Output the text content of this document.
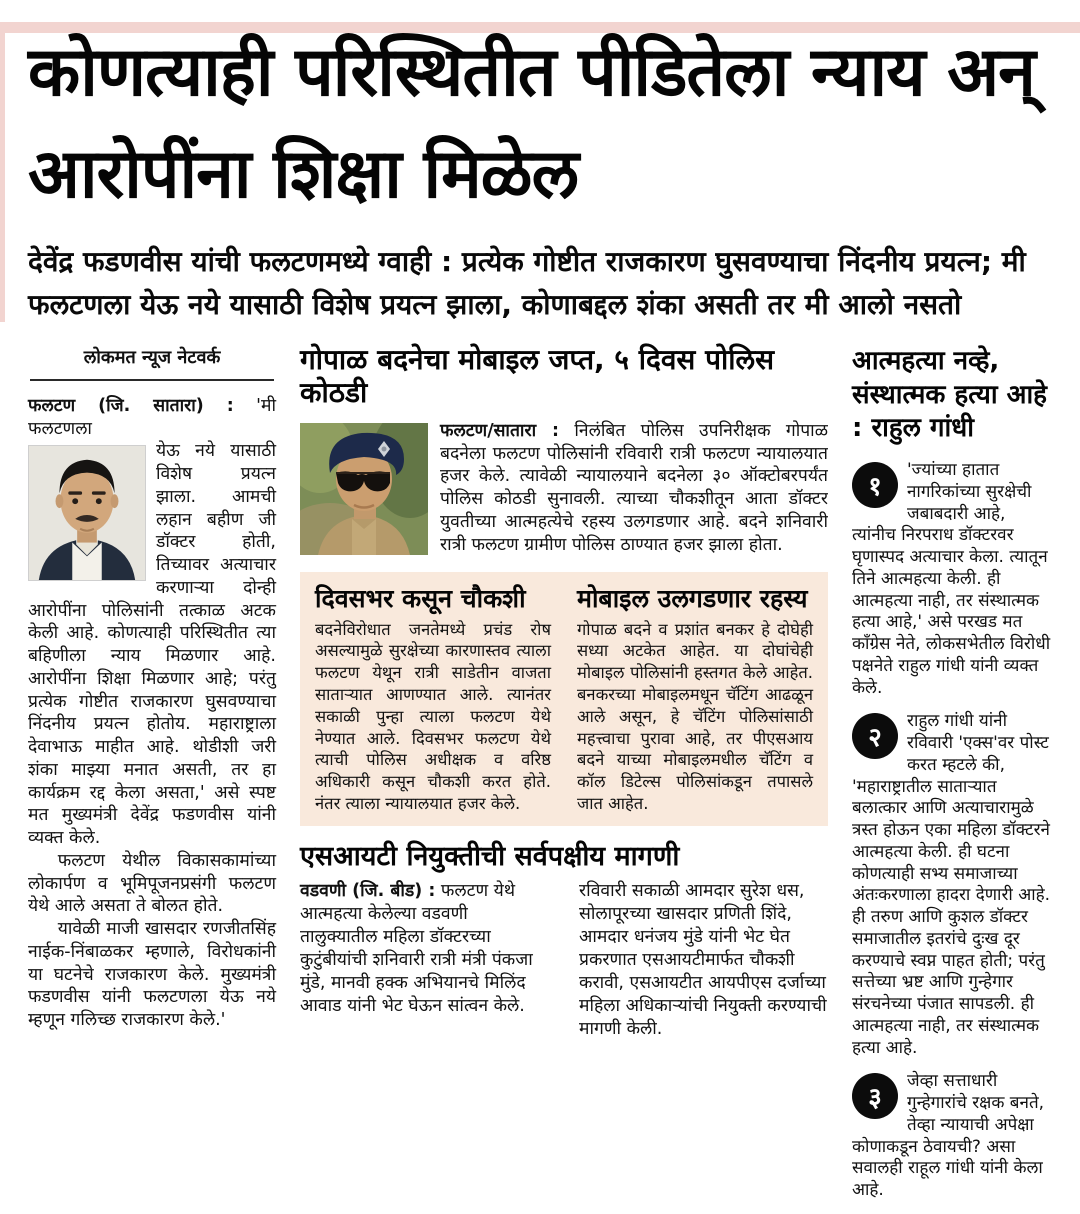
कोणत्याही परिस्थितीत पीडितेला न्याय अन् आरोपींना शिक्षा मिळेल
देवेंद्र फडणवीस यांची फलटणमध्ये ग्वाही : प्रत्येक गोष्टीत राजकारण घुसवण्याचा निंदनीय प्रयत्न; मी फलटणला येऊ नये यासाठी विशेष प्रयत्न झाला, कोणाबद्दल शंका असती तर मी आलो नसतो
लोकमत न्यूज नेटवर्क

फलटण (जि. सातारा) : 'मी फलटणला

येऊ नये यासाठी विशेष प्रयत्न झाला. आमची लहान बहीण जी डॉक्टर होती, तिच्यावर अत्याचार करणाऱ्या दोन्ही आरोपींना पोलिसांनी तत्काळ अटक केली आहे. कोणत्याही परिस्थितीत त्या बहिणीला न्याय मिळणार आहे. आरोपींना शिक्षा मिळणार आहे; परंतु प्रत्येक गोष्टीत राजकारण घुसवण्याचा निंदनीय प्रयत्न होतोय. महाराष्ट्राला देवाभाऊ माहीत आहे. थोडीशी जरी शंका माझ्या मनात असती, तर हा कार्यक्रम रद्द केला असता,' असे स्पष्ट मत मुख्यमंत्री देवेंद्र फडणवीस यांनी व्यक्त केले.

फलटण येथील विकासकामांच्या लोकार्पण व भूमिपूजनप्रसंगी फलटण येथे आले असता ते बोलत होते.

यावेळी माजी खासदार रणजीतसिंह नाईक-निंबाळकर म्हणाले, विरोधकांनी या घटनेचे राजकारण केले. मुख्यमंत्री फडणवीस यांनी फलटणला येऊ नये म्हणून गलिच्छ राजकारण केले.'

गोपाळ बदनेचा मोबाइल जप्त, ५ दिवस पोलिस कोठडी

फलटण/सातारा : निलंबित पोलिस उपनिरीक्षक गोपाळ बदनेला फलटण पोलिसांनी रविवारी रात्री फलटण न्यायालयात हजर केले. त्यावेळी न्यायालयाने बदनेला ३० ऑक्टोबरपर्यंत पोलिस कोठडी सुनावली. त्याच्या चौकशीतून आता डॉक्टर युवतीच्या आत्महत्येचे रहस्य उलगडणार आहे. बदने शनिवारी रात्री फलटण ग्रामीण पोलिस ठाण्यात हजर झाला होता.

दिवसभर कसून चौकशी

बदनेविरोधात जनतेमध्ये प्रचंड रोष असल्यामुळे सुरक्षेच्या कारणास्तव त्याला फलटण येथून रात्री साडेतीन वाजता साताऱ्यात आणण्यात आले. त्यानंतर सकाळी पुन्हा त्याला फलटण येथे नेण्यात आले. दिवसभर फलटण येथे त्याची पोलिस अधीक्षक व वरिष्ठ अधिकारी कसून चौकशी करत होते. नंतर त्याला न्यायालयात हजर केले.

मोबाइल उलगडणार रहस्य

गोपाळ बदने व प्रशांत बनकर हे दोघेही सध्या अटकेत आहेत. या दोघांचेही मोबाइल पोलिसांनी हस्तगत केले आहेत. बनकरच्या मोबाइलमधून चॅटिंग आढळून आले असून, हे चॅटिंग पोलिसांसाठी महत्त्वाचा पुरावा आहे, तर पीएसआय बदने याच्या मोबाइलमधील चॅटिंग व कॉल डिटेल्स पोलिसांकडून तपासले जात आहेत.

एसआयटी नियुक्तीची सर्वपक्षीय मागणी

वडवणी (जि. बीड) : फलटण येथे आत्महत्या केलेल्या वडवणी तालुक्यातील महिला डॉक्टरच्या कुटुंबीयांची शनिवारी रात्री मंत्री पंकजा मुंडे, मानवी हक्क अभियानचे मिलिंद आवाड यांनी भेट घेऊन सांत्वन केले.

रविवारी सकाळी आमदार सुरेश धस, सोलापूरच्या खासदार प्रणिती शिंदे, आमदार धनंजय मुंडे यांनी भेट घेत प्रकरणात एसआयटीमार्फत चौकशी करावी, एसआयटीत आयपीएस दर्जाच्या महिला अधिकाऱ्यांची नियुक्ती करण्याची मागणी केली.

आत्महत्या नव्हे, संस्थात्मक हत्या आहे : राहुल गांधी
१

'ज्यांच्या हातात नागरिकांच्या सुरक्षेची जबाबदारी आहे, त्यांनीच निरपराध डॉक्टरवर घृणास्पद अत्याचार केला. त्यातून तिने आत्महत्या केली. ही आत्महत्या नाही, तर संस्थात्मक हत्या आहे,' असे परखड मत काँग्रेस नेते, लोकसभेतील विरोधी पक्षनेते राहुल गांधी यांनी व्यक्त केले.

२

राहुल गांधी यांनी रविवारी 'एक्स'वर पोस्ट करत म्हटले की, 'महाराष्ट्रातील साताऱ्यात बलात्कार आणि अत्याचारामुळे त्रस्त होऊन एका महिला डॉक्टरने आत्महत्या केली. ही घटना कोणत्याही सभ्य समाजाच्या अंतःकरणाला हादरा देणारी आहे. ही तरुण आणि कुशल डॉक्टर समाजातील इतरांचे दुःख दूर करण्याचे स्वप्न पाहत होती; परंतु सत्तेच्या भ्रष्ट आणि गुन्हेगार संरचनेच्या पंजात सापडली. ही आत्महत्या नाही, तर संस्थात्मक हत्या आहे.

३

जेव्हा सत्ताधारी गुन्हेगारांचे रक्षक बनते, तेव्हा न्यायाची अपेक्षा कोणाकडून ठेवायची? असा सवालही राहूल गांधी यांनी केला आहे.
